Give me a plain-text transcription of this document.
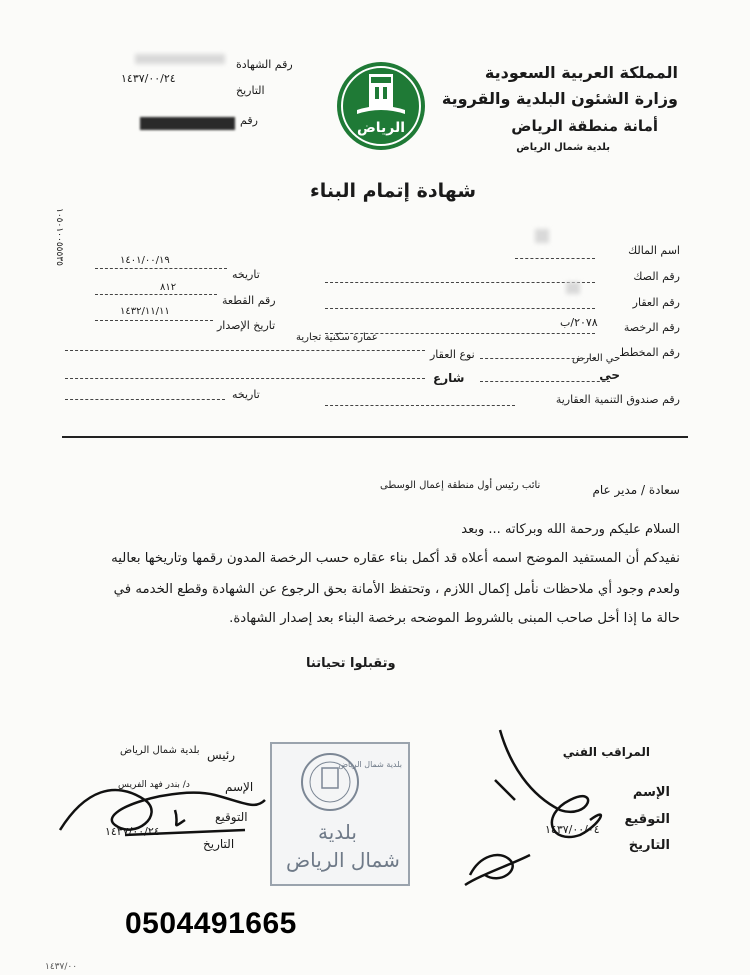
المملكة العربية السعودية
وزارة الشئون البلدية والقروية
أمانة منطقة الرياض
بلدية شمال الرياض
الرياض
رقم الشهادة
التاريخ
١٤٣٧/٠٠/٢٤
رقم
١٠٥٠١٠٠٥٥٥٣٥
شهادة إتمام البناء
اسم المالك
رقم الصك
رقم العقار
رقم الرخصة
٢٠٧٨/ب
رقم المخطط
حي العارض
حي
رقم صندوق التنمية العقارية
تاريخه
١٤٠١/٠٠/١٩
رقم القطعة
٨١٢
تاريخ الإصدار
١٤٣٢/١١/١١
عمارة سكنية تجارية
نوع العقار
شارع
تاريخه
سعادة / مدير عام
نائب رئيس أول منطقة إعمال الوسطى
السلام عليكم ورحمة الله وبركاته ... وبعد
نفيدكم أن المستفيد الموضح اسمه أعلاه قد أكمل بناء عقاره حسب الرخصة المدون رقمها وتاريخها بعاليه
ولعدم وجود أي ملاحظات نأمل إكمال اللازم ، وتحتفظ الأمانة بحق الرجوع عن الشهادة وقطع الخدمه في
حالة ما إذا أخل صاحب المبنى بالشروط الموضحه برخصة البناء بعد إصدار الشهادة.
وتقبلوا تحياتنا
بلدية شمال الرياض رئيس
الإسم
د/ بندر فهد الفريس
التوقيع
التاريخ
١٤٣٧/٠٠/٢٤
بلدية شمال الرياض
بلدية
شمال الرياض
المراقب الفني
الإسم
التوقيع
التاريخ
١٤٣٧/٠٠/٠٤
0504491665
١٤٣٧/٠٠
